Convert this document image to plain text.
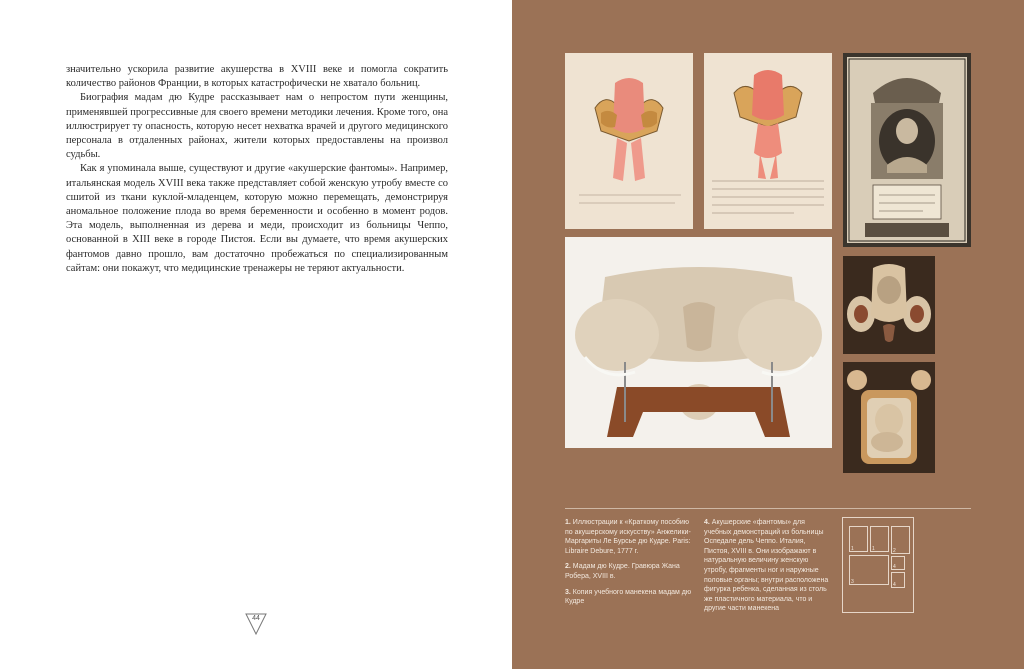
значительно ускорила развитие акушерства в XVIII веке и помогла сократить количество районов Франции, в которых катастрофически не хватало больниц.

Биография мадам дю Кудре рассказывает нам о непростом пути женщины, применявшей прогрессивные для своего времени методики лечения. Кроме того, она иллюстрирует ту опасность, которую несет нехватка врачей и другого медицинского персонала в отдаленных районах, жители которых предоставлены на произвол судьбы.

Как я упоминала выше, существуют и другие «акушерские фантомы». Например, итальянская модель XVIII века также представляет собой женскую утробу вместе со сшитой из ткани куклой-младенцем, которую можно перемещать, демонстрируя аномальное положение плода во время беременности и особенно в момент родов. Эта модель, выполненная из дерева и меди, происходит из больницы Чеппо, основанной в XIII веке в городе Пистоя. Если вы думаете, что время акушерских фантомов давно прошло, вам достаточно пробежаться по специализированным сайтам: они покажут, что медицинские тренажеры не теряют актуальности.

44

1. Иллюстрации к «Краткому пособию по акушерскому искусству» Анжелики-Маргариты Ле Бурсье дю Кудре. Paris: Libraire Debure, 1777 г.

2. Мадам дю Кудре. Гравюра Жана Робера, XVIII в.

3. Копия учебного манекена мадам дю Кудре

4. Акушерские «фантомы» для учебных демонстраций из больницы Оспедале дель Чеппо. Италия, Пистоя, XVIII в. Они изображают в натуральную величину женскую утробу, фрагменты ног и наружные половые органы; внутри расположена фигурка ребенка, сделанная из столь же пластичного материала, что и другие части манекена

1	1	2
3
4
4
